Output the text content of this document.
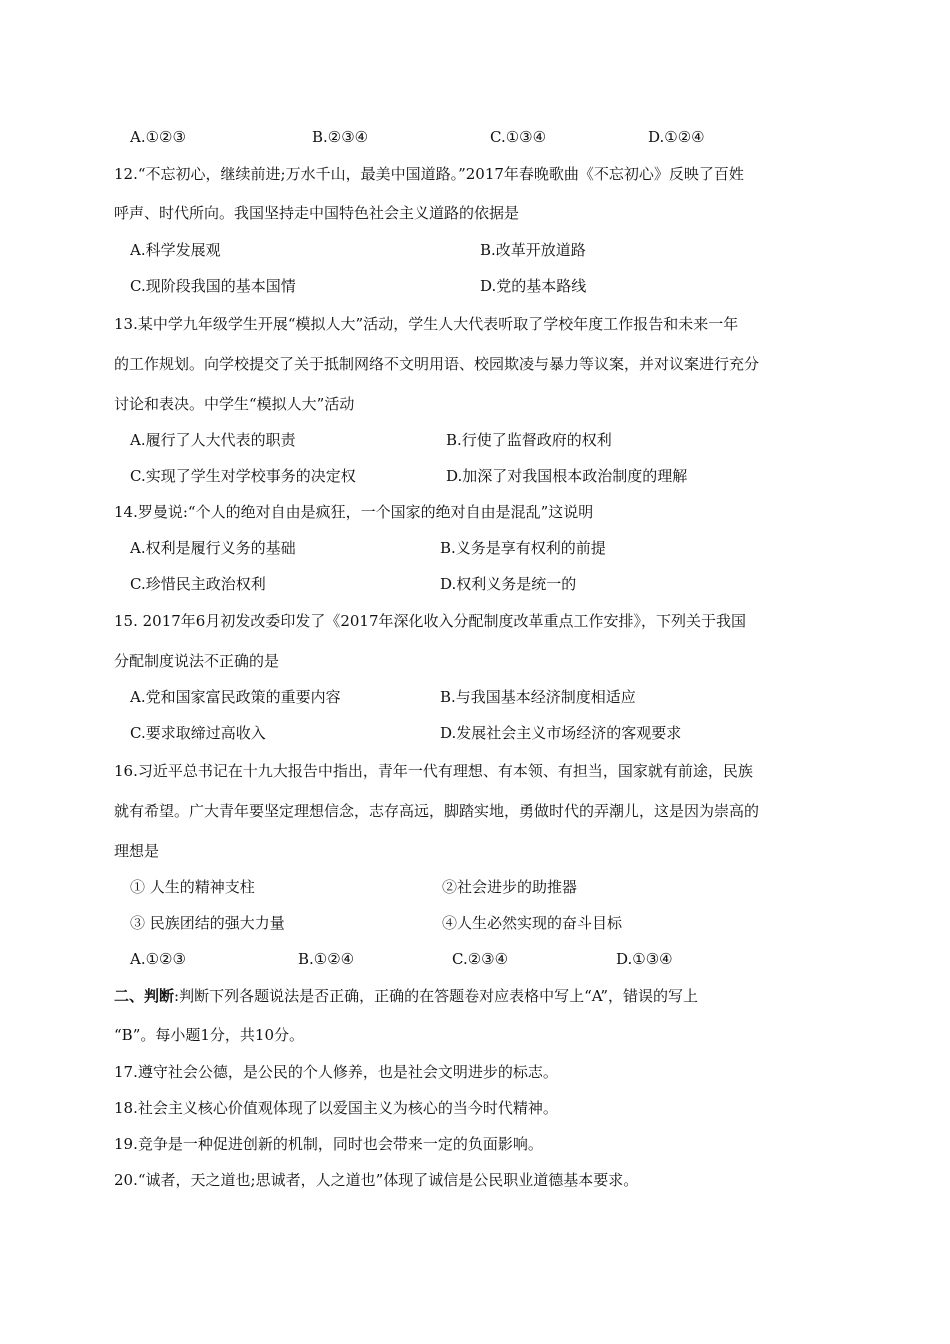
A.①②③	B.②③④	C.①③④	D.①②④
12.“不忘初心，继续前进;万水千山，最美中国道路。”2017年春晚歌曲《不忘初心》反映了百姓
呼声、时代所向。我国坚持走中国特色社会主义道路的依据是
A.科学发展观	B.改革开放道路
C.现阶段我国的基本国情	D.党的基本路线
13.某中学九年级学生开展“模拟人大”活动，学生人大代表听取了学校年度工作报告和未来一年
的工作规划。向学校提交了关于抵制网络不文明用语、校园欺凌与暴力等议案，并对议案进行充分
讨论和表决。中学生“模拟人大”活动
A.履行了人大代表的职责	B.行使了监督政府的权利
C.实现了学生对学校事务的决定权	D.加深了对我国根本政治制度的理解
14.罗曼说:“个人的绝对自由是疯狂，一个国家的绝对自由是混乱”这说明
A.权利是履行义务的基础	B.义务是享有权利的前提
C.珍惜民主政治权利	D.权利义务是统一的
15. 2017年6月初发改委印发了《2017年深化收入分配制度改革重点工作安排》，下列关于我国
分配制度说法不正确的是
A.党和国家富民政策的重要内容	B.与我国基本经济制度相适应
C.要求取缔过高收入	D.发展社会主义市场经济的客观要求
16.习近平总书记在十九大报告中指出，青年一代有理想、有本领、有担当，国家就有前途，民族
就有希望。广大青年要坚定理想信念，志存高远，脚踏实地，勇做时代的弄潮儿，这是因为崇高的
理想是
① 人生的精神支柱	②社会进步的助推器
③ 民族团结的强大力量	④人生必然实现的奋斗目标
A.①②③	B.①②④	C.②③④	D.①③④
二、判断:判断下列各题说法是否正确，正确的在答题卷对应表格中写上“A”，错误的写上
“B”。每小题1分，共10分。
17.遵守社会公德，是公民的个人修养，也是社会文明进步的标志。
18.社会主义核心价值观体现了以爱国主义为核心的当今时代精神。
19.竞争是一种促进创新的机制，同时也会带来一定的负面影响。
20.“诚者，天之道也;思诚者，人之道也”体现了诚信是公民职业道德基本要求。
